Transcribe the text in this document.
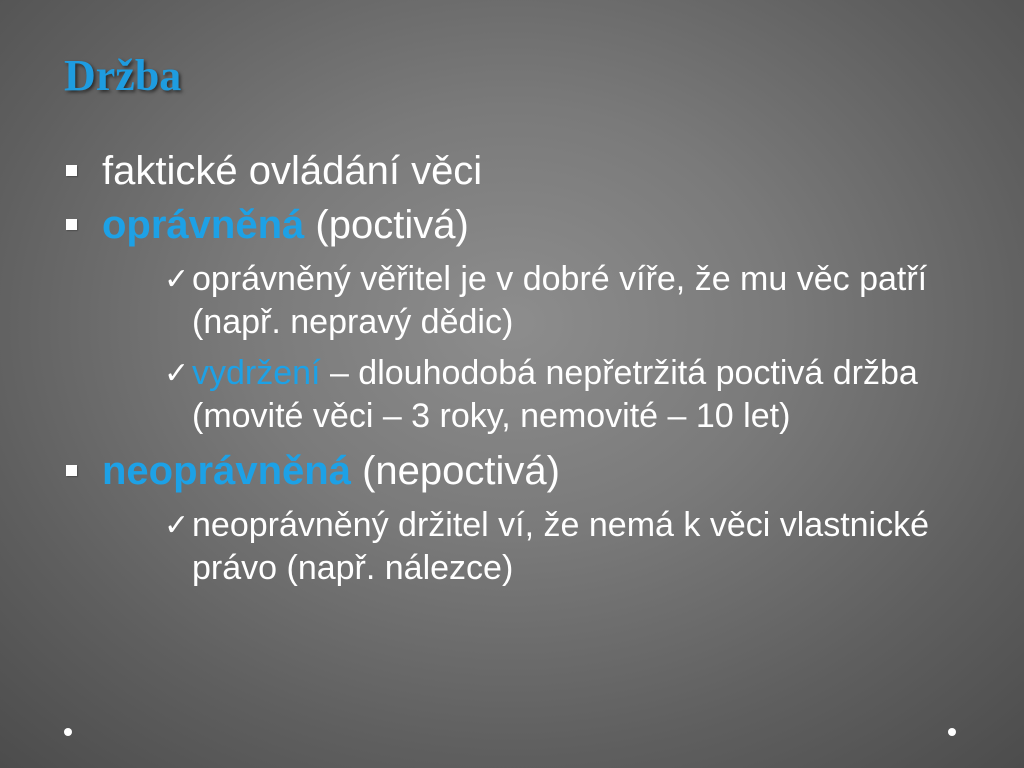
Držba
faktické ovládání věci
oprávněná (poctivá)
✓ oprávněný věřitel je v dobré víře, že mu věc patří (např. nepravý dědic)
✓ vydržení – dlouhodobá nepřetržitá poctivá držba (movité věci – 3 roky, nemovité – 10 let)
neoprávněná (nepoctivá)
✓ neoprávněný držitel ví, že nemá k věci vlastnické právo (např. nálezce)
